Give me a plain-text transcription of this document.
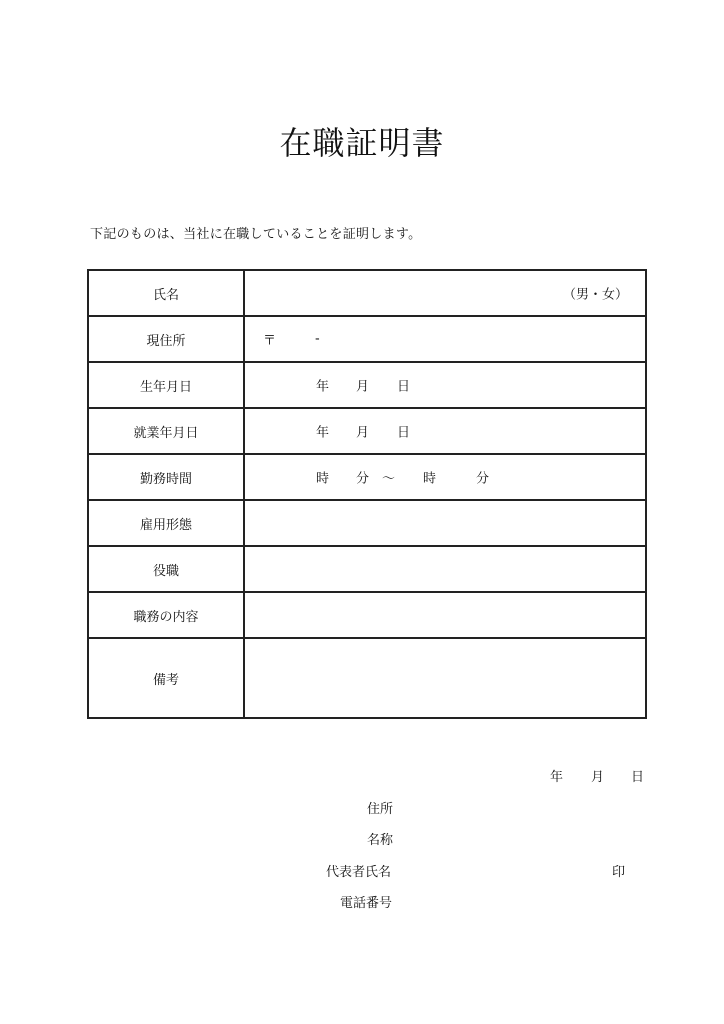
在職証明書
下記のものは、当社に在職していることを証明します。
氏名	（男・女）

現住所	〒 -

生年月日	年 月 日

就業年月日	年 月 日

勤務時間	時 分 〜 時 分

雇用形態	
役職	
職務の内容	
備考	
年 月 日
住所
名称
代表者氏名	印
電話番号
